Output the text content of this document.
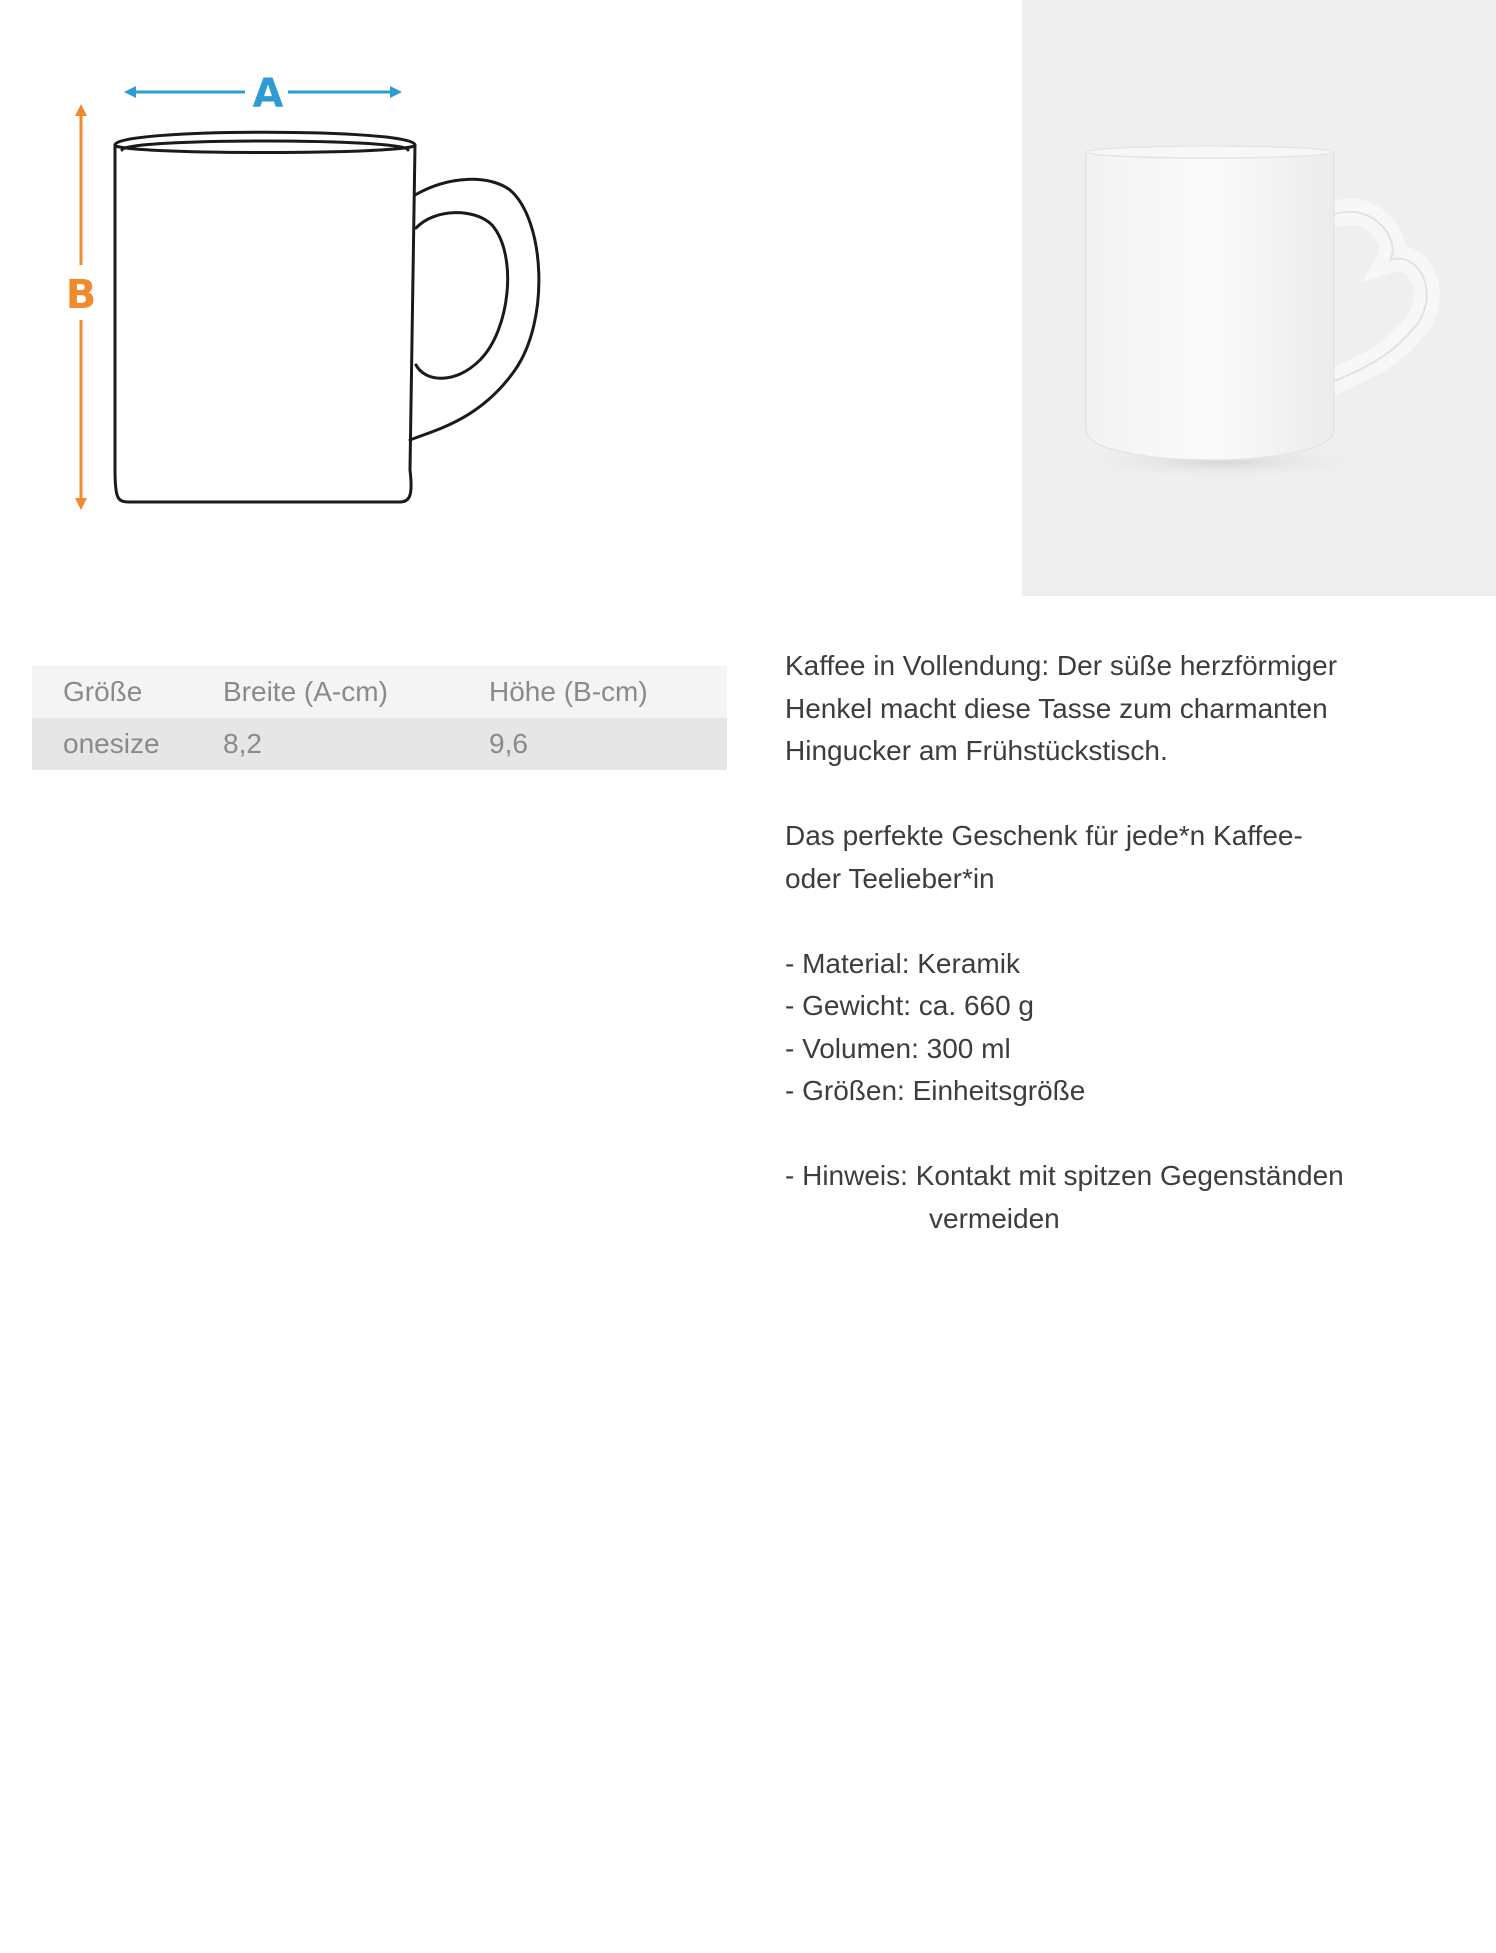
A
B
Größe	Breite (A-cm)	Höhe (B-cm)
onesize	8,2	9,6

Kaffee in Vollendung: Der süße herzförmiger

Henkel macht diese Tasse zum charmanten

Hingucker am Frühstückstisch.

Das perfekte Geschenk für jede*n Kaffee-

oder Teelieber*in

- Material: Keramik

- Gewicht: ca. 660 g

- Volumen: 300 ml

- Größen: Einheitsgröße

- Hinweis: Kontakt mit spitzen Gegenständen

vermeiden
